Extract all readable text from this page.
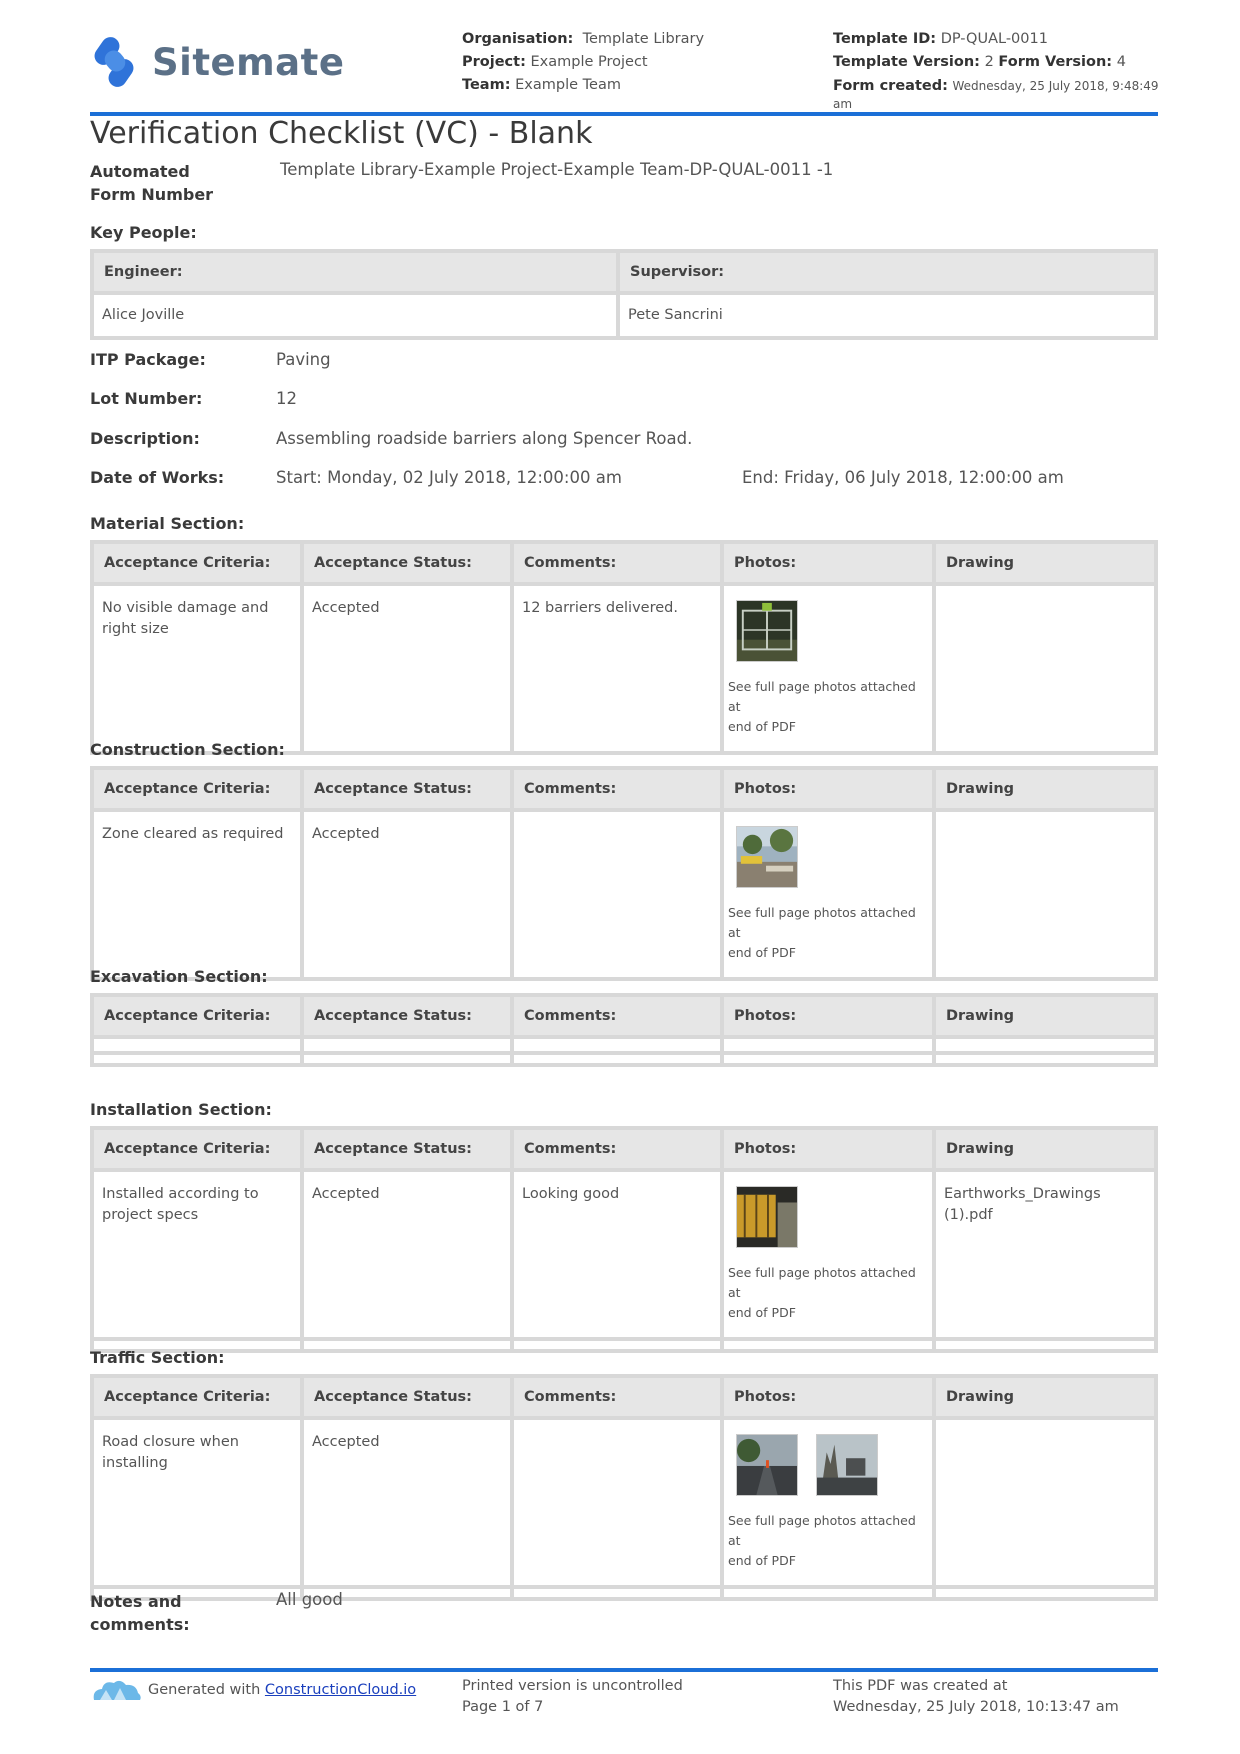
Sitemate
Organisation: Template Library
Project: Example Project
Team: Example Team
Template ID: DP-QUAL-0011
Template Version: 2 Form Version: 4
Form created: Wednesday, 25 July 2018, 9:48:49
am
Verification Checklist (VC) - Blank
Automated
Form Number
Template Library-Example Project-Example Team-DP-QUAL-0011 -1
Key People:
Engineer:	Supervisor:
Alice Joville	Pete Sancrini
ITP Package:	Paving
Lot Number:	12
Description:	Assembling roadside barriers along Spencer Road.
Date of Works:	Start: Monday, 02 July 2018, 12:00:00 am	End: Friday, 06 July 2018, 12:00:00 am
Material Section:
Acceptance Criteria:	Acceptance Status:	Comments:	Photos:	Drawing
No visible damage and right size	Accepted	12 barriers delivered.	See full page photos attached at
end of PDF	

Construction Section:
Acceptance Criteria:	Acceptance Status:	Comments:	Photos:	Drawing
Zone cleared as required	Accepted		See full page photos attached at
end of PDF	

Excavation Section:
Acceptance Criteria:	Acceptance Status:	Comments:	Photos:	Drawing

Installation Section:
Acceptance Criteria:	Acceptance Status:	Comments:	Photos:	Drawing
Installed according to project specs	Accepted	Looking good	See full page photos attached at
end of PDF	Earthworks_Drawings (1).pdf

Traffic Section:
Acceptance Criteria:	Acceptance Status:	Comments:	Photos:	Drawing
Road closure when installing	Accepted		See full page photos attached at
end of PDF	

Notes and
comments:
All good
Generated with
ConstructionCloud.io	Printed version is uncontrolled
Page 1 of 7
This PDF was created at
Wednesday, 25 July 2018, 10:13:47 am
